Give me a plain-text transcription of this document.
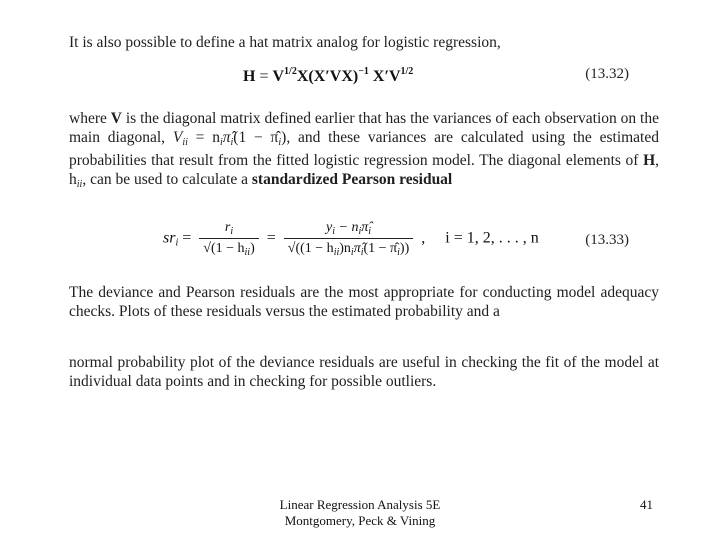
It is also possible to define a hat matrix analog for logistic regression,
$H = V^{1/2}X(X'VX)^{-1}$ $X'V^{1/2}$	(13.32)
where V is the diagonal matrix defined earlier that has the variances of each observation on the main diagonal, $V_{ii}$ = $n_i\pî_i(1$ − $\pî_i$), and these variances are calculated using the estimated probabilities that result from the fitted logistic regression model. The diagonal elements of H, $h_{ii}$, can be used to calculate a standardized Pearson residual
$sr_i = \frac{r_i}{√(1 - h_{ii})} = \frac{y_i - n_i\pî_i}{√((1 - h_{ii})n_i\pî_i(1 - \pî_i))}$ ,     i = 1, 2, . . . , n	(13.33)
The deviance and Pearson residuals are the most appropriate for conducting model adequacy checks. Plots of these residuals versus the estimated probability and a
normal probability plot of the deviance residuals are useful in checking the fit of the model at individual data points and in checking for possible outliers.
Linear Regression Analysis 5E
Montgomery, Peck & Vining
41
